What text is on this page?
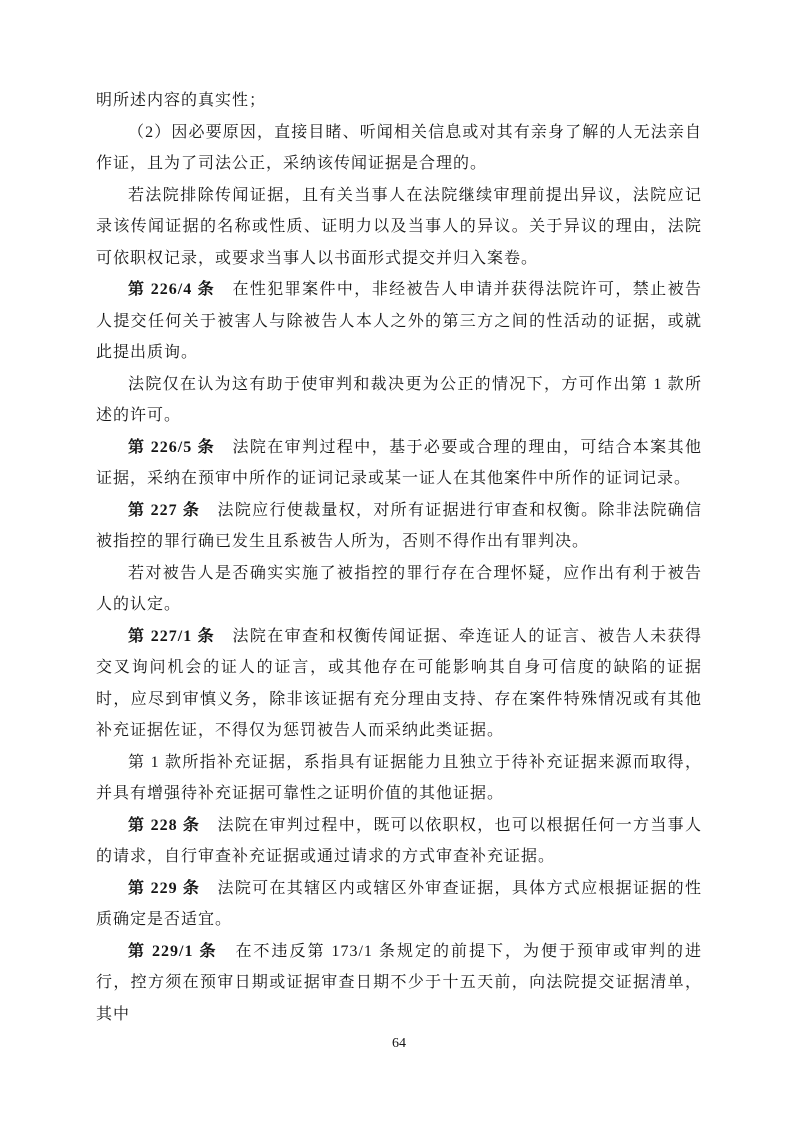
明所述内容的真实性；

（2）因必要原因，直接目睹、听闻相关信息或对其有亲身了解的人无法亲自作证，且为了司法公正，采纳该传闻证据是合理的。

若法院排除传闻证据，且有关当事人在法院继续审理前提出异议，法院应记录该传闻证据的名称或性质、证明力以及当事人的异议。关于异议的理由，法院可依职权记录，或要求当事人以书面形式提交并归入案卷。

第 226/4 条　在性犯罪案件中，非经被告人申请并获得法院许可，禁止被告人提交任何关于被害人与除被告人本人之外的第三方之间的性活动的证据，或就此提出质询。

法院仅在认为这有助于使审判和裁决更为公正的情况下，方可作出第 1 款所述的许可。

第 226/5 条　法院在审判过程中，基于必要或合理的理由，可结合本案其他证据，采纳在预审中所作的证词记录或某一证人在其他案件中所作的证词记录。

第 227 条　法院应行使裁量权，对所有证据进行审查和权衡。除非法院确信被指控的罪行确已发生且系被告人所为，否则不得作出有罪判决。

若对被告人是否确实实施了被指控的罪行存在合理怀疑，应作出有利于被告人的认定。

第 227/1 条　法院在审查和权衡传闻证据、牵连证人的证言、被告人未获得交叉询问机会的证人的证言，或其他存在可能影响其自身可信度的缺陷的证据时，应尽到审慎义务，除非该证据有充分理由支持、存在案件特殊情况或有其他补充证据佐证，不得仅为惩罚被告人而采纳此类证据。

第 1 款所指补充证据，系指具有证据能力且独立于待补充证据来源而取得，并具有增强待补充证据可靠性之证明价值的其他证据。

第 228 条　法院在审判过程中，既可以依职权，也可以根据任何一方当事人的请求，自行审查补充证据或通过请求的方式审查补充证据。

第 229 条　法院可在其辖区内或辖区外审查证据，具体方式应根据证据的性质确定是否适宜。

第 229/1 条　在不违反第 173/1 条规定的前提下，为便于预审或审判的进行，控方须在预审日期或证据审查日期不少于十五天前，向法院提交证据清单，其中

64
